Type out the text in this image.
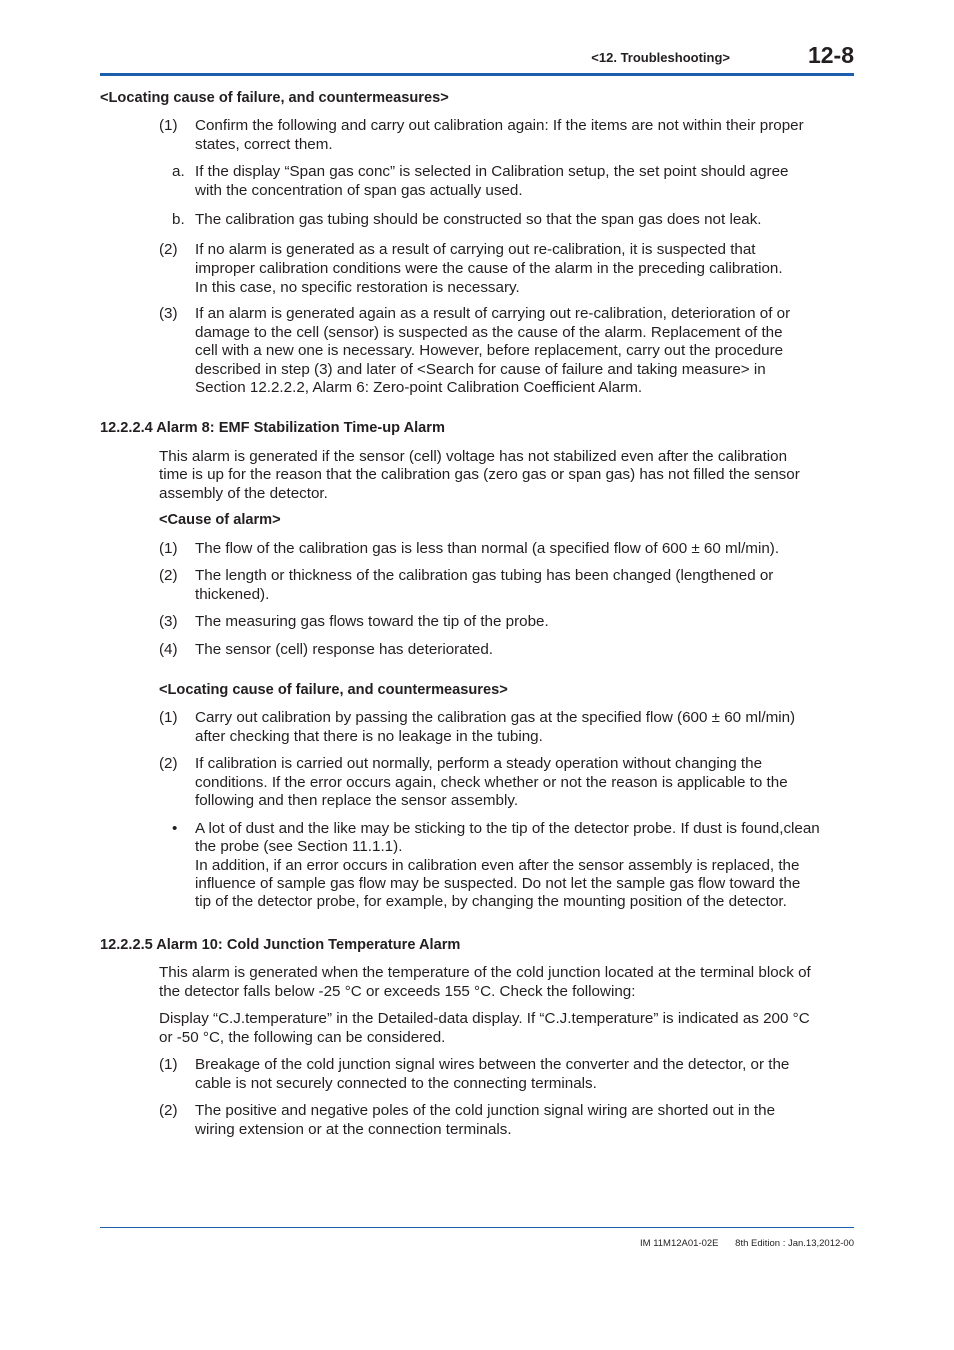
<12. Troubleshooting>	12-8
<Locating cause of failure, and countermeasures>
(1) Confirm the following and carry out calibration again: If the items are not within their proper
states, correct them.
a. If the display “Span gas conc” is selected in Calibration setup, the set point should agree
with the concentration of span gas actually used.
b. The calibration gas tubing should be constructed so that the span gas does not leak.
(2) If no alarm is generated as a result of carrying out re-calibration, it is suspected that
improper calibration conditions were the cause of the alarm in the preceding calibration.
In this case, no specific restoration is necessary.
(3) If an alarm is generated again as a result of carrying out re-calibration, deterioration of or
damage to the cell (sensor) is suspected as the cause of the alarm. Replacement of the
cell with a new one is necessary. However, before replacement, carry out the procedure
described in step (3) and later of <Search for cause of failure and taking measure> in
Section 12.2.2.2, Alarm 6: Zero-point Calibration Coefficient Alarm.
12.2.2.4 Alarm 8: EMF Stabilization Time-up Alarm
This alarm is generated if the sensor (cell) voltage has not stabilized even after the calibration
time is up for the reason that the calibration gas (zero gas or span gas) has not filled the sensor
assembly of the detector.
<Cause of alarm>
(1) The flow of the calibration gas is less than normal (a specified flow of 600 ± 60 ml/min).
(2) The length or thickness of the calibration gas tubing has been changed (lengthened or
thickened).
(3) The measuring gas flows toward the tip of the probe.
(4) The sensor (cell) response has deteriorated.
<Locating cause of failure, and countermeasures>
(1) Carry out calibration by passing the calibration gas at the specified flow (600 ± 60 ml/min)
after checking that there is no leakage in the tubing.
(2) If calibration is carried out normally, perform a steady operation without changing the
conditions. If the error occurs again, check whether or not the reason is applicable to the
following and then replace the sensor assembly.
• A lot of dust and the like may be sticking to the tip of the detector probe. If dust is found,clean
the probe (see Section 11.1.1).
In addition, if an error occurs in calibration even after the sensor assembly is replaced, the
influence of sample gas flow may be suspected. Do not let the sample gas flow toward the
tip of the detector probe, for example, by changing the mounting position of the detector.
12.2.2.5 Alarm 10: Cold Junction Temperature Alarm
This alarm is generated when the temperature of the cold junction located at the terminal block of
the detector falls below -25 °C or exceeds 155 °C. Check the following:
Display “C.J.temperature” in the Detailed-data display. If “C.J.temperature” is indicated as 200 °C
or -50 °C, the following can be considered.
(1) Breakage of the cold junction signal wires between the converter and the detector, or the
cable is not securely connected to the connecting terminals.
(2) The positive and negative poles of the cold junction signal wiring are shorted out in the
wiring extension or at the connection terminals.
IM 11M12A01-02E 8th Edition : Jan.13,2012-00
